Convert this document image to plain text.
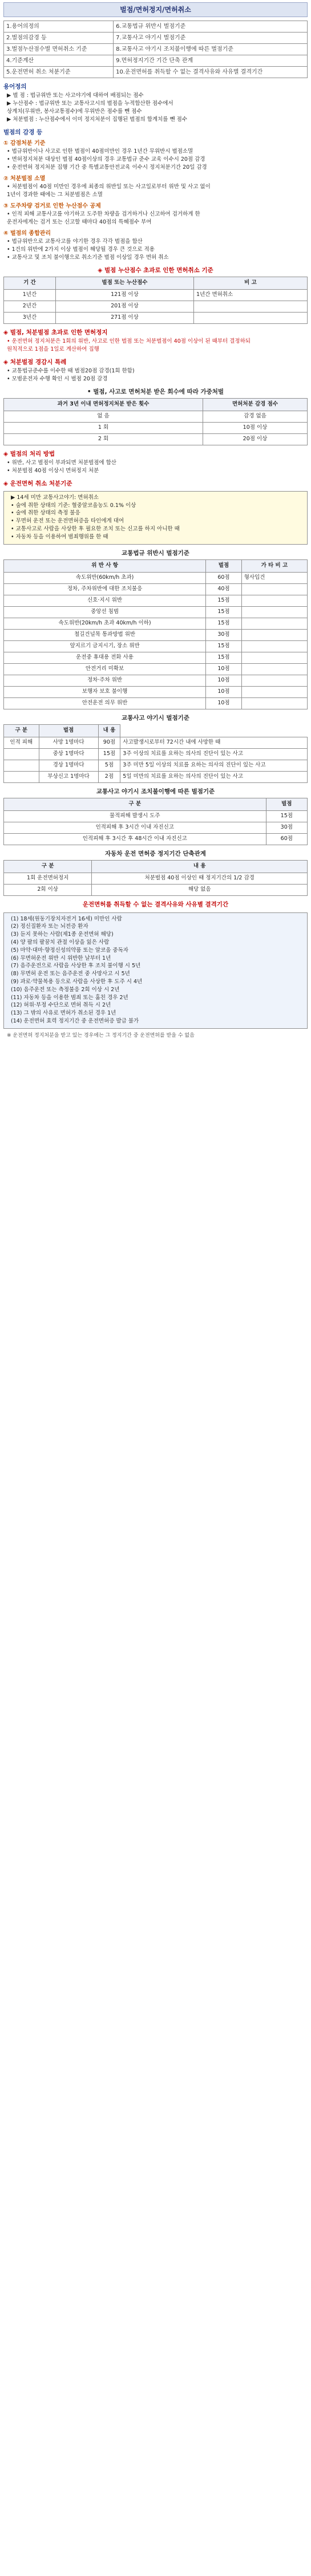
벌점/면허정지/면허취소
1.용어의정의	6.교통법규 위반시 벌점기준
2.벌점의감경 등	7.교통사고 야기시 벌점기준
3.벌점누산점수별 면허취소 기준	8.교통사고 야기시 조치불이행에 따른 벌점기준
4.기준계산	9.면허정지기간 기간 단축 관계
5.운전면허 취소 처분기준	10.운전면허를 취득할 수 없는 결격사유와 사유별 결격기간
용어정의
▶ 벌 점 : 법규위반 또는 사고야기에 대하여 배점되는 점수
▶ 누산점수 : 법규위반 또는 교통사고시의 벌점을 누적합산한 점수에서
상계치(무위반, 봉사교통점수)에 무위반은 점수를 뺀 점수
▶ 처분벌점 : 누산점수에서 이미 정지처분이 집행된 벌점의 합계치를 뺀 점수
벌점의 감경 등
① 감점처분 기준
• 법규위반이나 사고로 인한 벌점이 40점미만인 경우 1년간 무위반시 벌점소멸
• 면허정지처분 대상인 벌점 40점이상의 경우 교통법규 준수 교육 이수시 20점 감경
• 운전면허 정지처분 집행 기간 중 특별교통안전교육 이수시 정지처분기간 20일 감경
② 처분벌점 소멸
• 처분벌점이 40점 미만인 경우에 최종의 위반일 또는 사고일로부터 위반 및 사고 없이
1년이 경과한 때에는 그 처분벌점은 소멸
③ 도주차량 검거로 인한 누산점수 공제
• 인적 피해 교통사고를 야기하고 도주한 차량을 검거하거나 신고하여 검거하게 한
운전자에게는 검거 또는 신고할 때마다 40점의 특혜점수 부여
④ 벌점의 종합관리
• 법규위반으로 교통사고를 야기한 경우 각각 벌점을 합산
• 1건의 위반에 2가지 이상 벌점이 해당될 경우 큰 것으로 적용
• 교통사고 및 조치 불이행으로 취소기준 벌점 이상일 경우 면허 취소
◈ 벌점 누산점수 초과로 인한 면허취소 기준
기 간	벌점 또는 누산점수	비 고
1년간	121점 이상	1년간 면허취소
2년간	201점 이상	
3년간	271점 이상	
◈ 벌점, 처분벌점 초과로 인한 면허정지
• 운전면허 정지처분은 1회의 위반, 사고로 인한 벌점 또는 처분벌점이 40점 이상이 된 때부터 결정하되
원칙적으로 1점을 1일로 계산하여 집행
◈ 처분벌점 경감시 특례
• 교통법규준수를 이수한 때 벌점20점 감경(1회 한함)
• 모범운전자 수행 확인 시 벌점 20점 감경
• 벌점, 사고로 면허처분 받은 회수에 따라 가중처벌
과거 3년 이내 면허정지처분 받은 횟수	면허처분 감경 점수
없 음	감경 없음
1 회	10점 이상
2 회	20점 이상
◈ 벌점의 처리 방법
• 위반, 사고 벌점이 부과되면 처분벌점에 합산
• 처분벌점 40점 이상시 면허정지 처분
◈ 운전면허 취소 처분기준
▶ 14세 미만 교통사고야기: 면허취소
• 술에 취한 상태의 기준: 혈중알코올농도 0.1% 이상
• 술에 취한 상태의 측정 불응
• 무면허 운전 또는 운전면허증을 타인에게 대여
• 교통사고로 사람을 사상한 후 필요한 조치 또는 신고를 하지 아니한 때
• 자동차 등을 이용하여 범죄행위를 한 때
교통법규 위반시 벌점기준
위 반 사 항	벌점	가 타 비 고
속도위반(60km/h 초과)	60점	형사입건
정차, 주차위반에 대한 조치불응	40점	
신호·지시 위반	15점	
중앙선 침범	15점	
속도위반(20km/h 초과 40km/h 이하)	15점	
철길건널목 통과방법 위반	30점	
앞지르기 금지시기, 장소 위반	15점	
운전중 휴대용 전화 사용	15점	
안전거리 미확보	10점	
정차·주차 위반	10점	
보행자 보호 불이행	10점	
안전운전 의무 위반	10점	
교통사고 야기시 벌점기준
구 분	벌점	내 용	
인적 피해	사망 1명마다	90점	사고발생시로부터 72시간 내에 사망한 때
	중상 1명마다	15점	3주 이상의 치료를 요하는 의사의 진단이 있는 사고
	경상 1명마다	5점	3주 미만 5일 이상의 치료를 요하는 의사의 진단이 있는 사고
	부상신고 1명마다	2점	5일 미만의 치료를 요하는 의사의 진단이 있는 사고
교통사고 야기시 조치불이행에 따른 벌점기준
구 분	벌점
물적피해 발생시 도주	15점
인적피해 후 3시간 이내 자진신고	30점
인적피해 후 3시간 후 48시간 이내 자진신고	60점
자동차 운전 면허증 정지기간 단축관계
구 분	내 용
1회 운전면허정지	처분벌점 40점 이상인 때 정지기간의 1/2 감경
2회 이상	해당 없음
운전면허를 취득할 수 없는 결격사유와 사유별 결격기간
(1) 18세(원동기장치자전거 16세) 미만인 사람
(2) 정신질환자 또는 뇌전증 환자
(3) 듣지 못하는 사람(제1종 운전면허 해당)
(4) 양 팔의 팔꿈치 관절 이상을 잃은 사람
(5) 마약·대마·향정신성의약품 또는 알코올 중독자
(6) 무면허운전 위반 시 위반한 날부터 1년
(7) 음주운전으로 사람을 사상한 후 조치 불이행 시 5년
(8) 무면허 운전 또는 음주운전 중 사망사고 시 5년
(9) 과로·약물복용 등으로 사람을 사상한 후 도주 시 4년
(10) 음주운전 또는 측정불응 2회 이상 시 2년
(11) 자동차 등을 이용한 범죄 또는 훔친 경우 2년
(12) 허위·부정 수단으로 면허 취득 시 2년
(13) 그 밖의 사유로 면허가 취소된 경우 1년
(14) 운전면허 효력 정지기간 중 운전면허증 발급 불가
※ 운전면허 정지처분을 받고 있는 경우에는 그 정지기간 중 운전면허를 받을 수 없음
